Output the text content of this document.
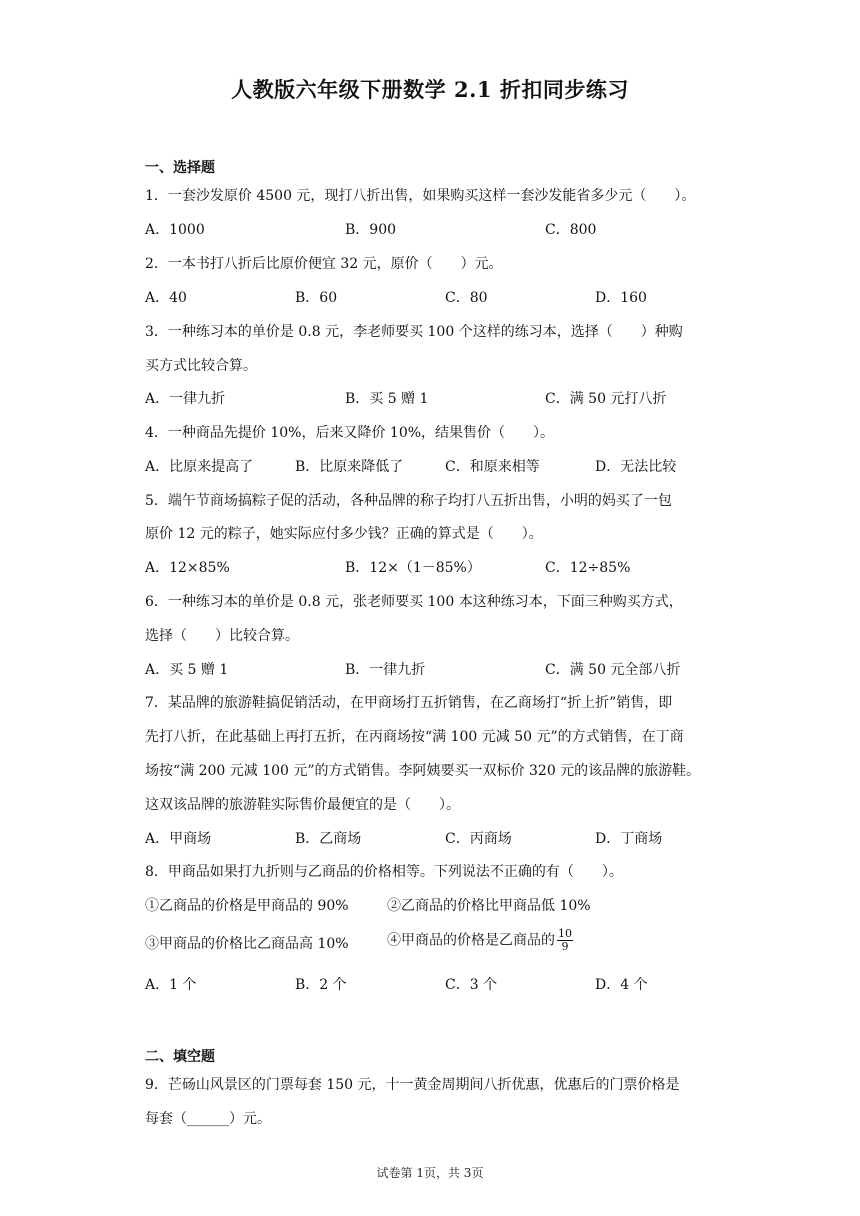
人教版六年级下册数学 2.1 折扣同步练习
一、选择题
1．一套沙发原价 4500 元，现打八折出售，如果购买这样一套沙发能省多少元（　　）。
A．1000	B．900	C．800
2．一本书打八折后比原价便宜 32 元，原价（　　）元。
A．40	B．60	C．80	D．160
3．一种练习本的单价是 0.8 元，李老师要买 100 个这样的练习本，选择（　　）种购
买方式比较合算。
A．一律九折	B．买 5 赠 1	C．满 50 元打八折
4．一种商品先提价 10%，后来又降价 10%，结果售价（　　）。
A．比原来提高了	B．比原来降低了	C．和原来相等	D．无法比较
5．端午节商场搞粽子促的活动，各种品牌的称子均打八五折出售，小明的妈买了一包
原价 12 元的粽子，她实际应付多少钱？正确的算式是（　　）。
A．12×85%	B．12×（1－85%）	C．12÷85%
6．一种练习本的单价是 0.8 元，张老师要买 100 本这种练习本，下面三种购买方式，
选择（　　）比较合算。
A．买 5 赠 1	B．一律九折	C．满 50 元全部八折
7．某品牌的旅游鞋搞促销活动，在甲商场打五折销售，在乙商场打“折上折”销售，即
先打八折，在此基础上再打五折，在丙商场按“满 100 元减 50 元”的方式销售，在丁商
场按“满 200 元减 100 元”的方式销售。李阿姨要买一双标价 320 元的该品牌的旅游鞋。
这双该品牌的旅游鞋实际售价最便宜的是（　　）。
A．甲商场	B．乙商场	C．丙商场	D．丁商场
8．甲商品如果打九折则与乙商品的价格相等。下列说法不正确的有（　　）。
①乙商品的价格是甲商品的 90%	②乙商品的价格比甲商品低 10%
③甲商品的价格比乙商品高 10%	④甲商品的价格是乙商品的 $\frac{10}{9}$
A．1 个	B．2 个	C．3 个	D．4 个
二、填空题
9．芒砀山风景区的门票每套 150 元，十一黄金周期间八折优惠，优惠后的门票价格是
每套（______）元。
试卷第 1页，共 3页
